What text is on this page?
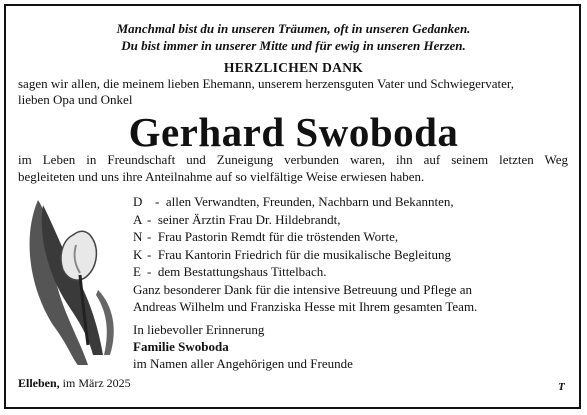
Manchmal bist du in unseren Träumen, oft in unseren Gedanken.
Du bist immer in unserer Mitte und für ewig in unseren Herzen.
HERZLICHEN DANK
sagen wir allen, die meinem lieben Ehemann, unserem herzensguten Vater und Schwiegervater,
lieben Opa und Onkel
Gerhard Swoboda
im Leben in Freundschaft und Zuneigung verbunden waren, ihn auf seinem letzten Weg
begleiteten und uns ihre Anteilnahme auf so vielfältige Weise erwiesen haben.
D -  allen Verwandten, Freunden, Nachbarn und Bekannten,
A -  seiner Ärztin Frau Dr. Hildebrandt,
N -  Frau Pastorin Remdt für die tröstenden Worte,
K -  Frau Kantorin Friedrich für die musikalische Begleitung
E -  dem Bestattungshaus Tittelbach.
Ganz besonderer Dank für die intensive Betreuung und Pflege an
Andreas Wilhelm und Franziska Hesse mit Ihrem gesamten Team.
In liebevoller Erinnerung
Familie Swoboda
im Namen aller Angehörigen und Freunde
Elleben, im März 2025	T
